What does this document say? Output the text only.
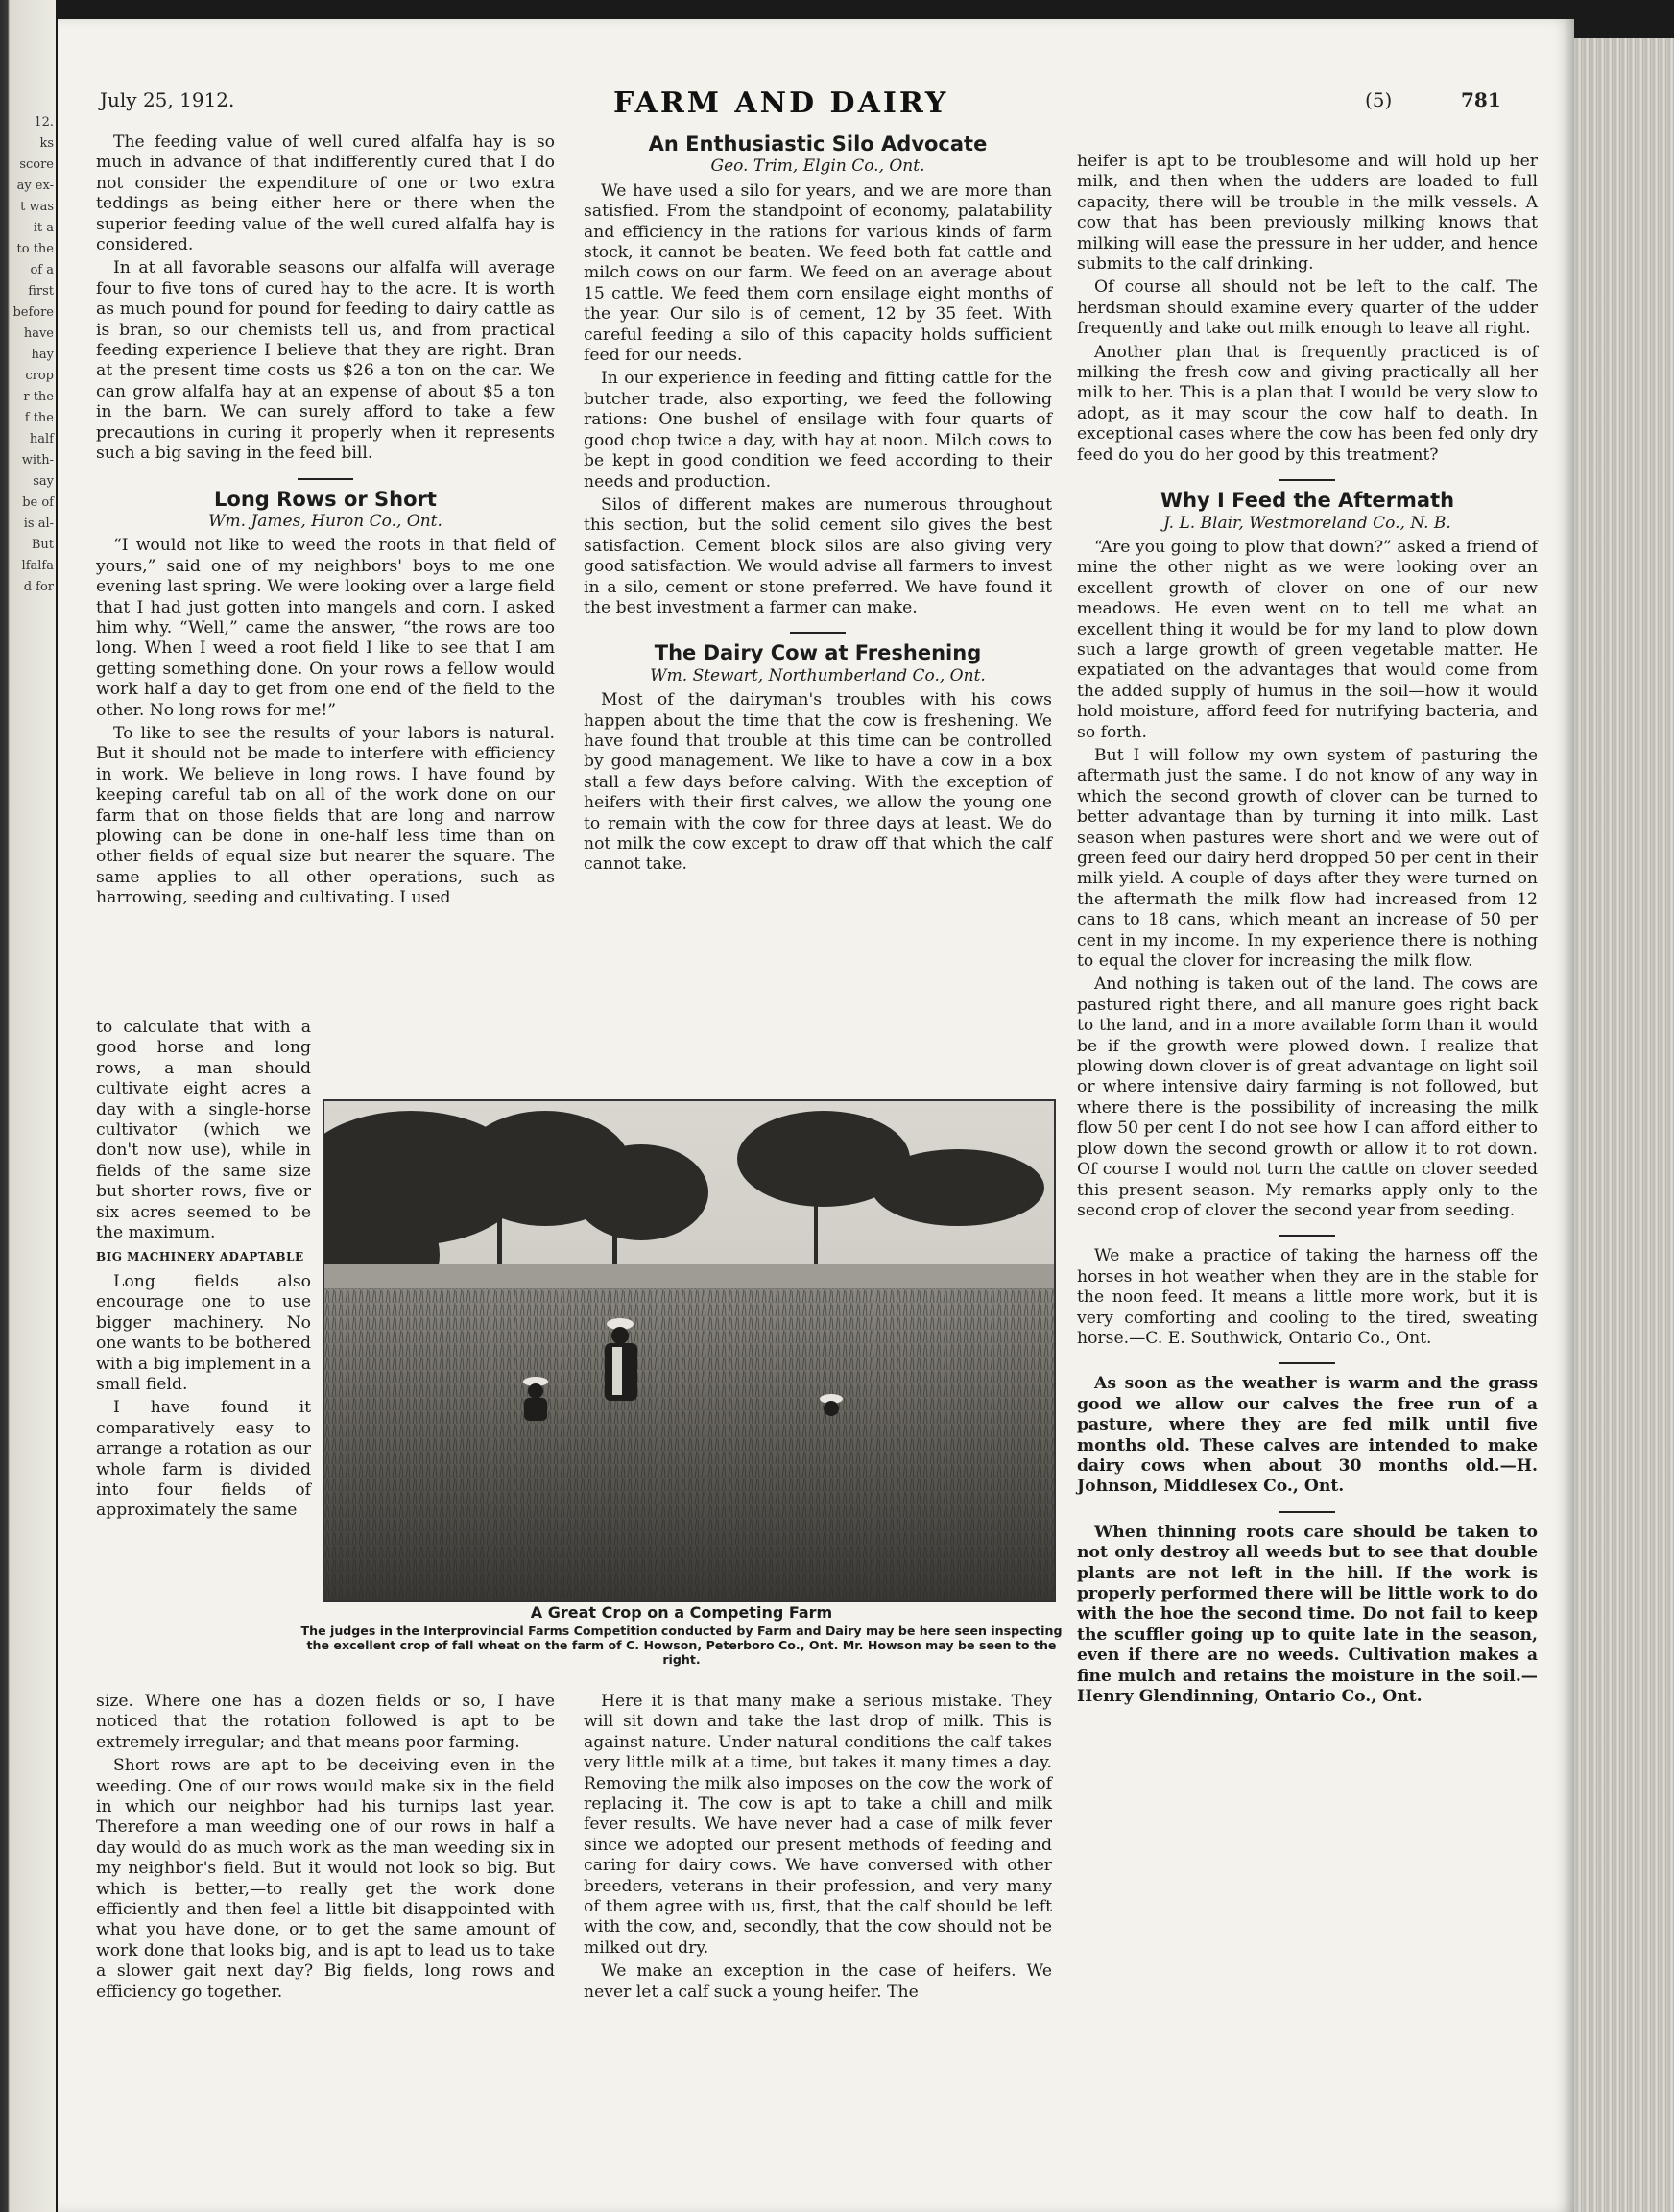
12.
ks
score
ay ex-
t was
it a
to the
of a
first
before
have
hay
crop
r the
f the
half
with-
say
be of
is al-
But
lfalfa
d for
July 25, 1912.	FARM AND DAIRY	(5)	781

The feeding value of well cured alfalfa hay is so much in advance of that indifferently cured that I do not consider the expenditure of one or two extra teddings as being either here or there when the superior feeding value of the well cured alfalfa hay is considered.

In at all favorable seasons our alfalfa will average four to five tons of cured hay to the acre. It is worth as much pound for pound for feeding to dairy cattle as is bran, so our chemists tell us, and from practical feeding experience I believe that they are right. Bran at the present time costs us $26 a ton on the car. We can grow alfalfa hay at an expense of about $5 a ton in the barn. We can surely afford to take a few precautions in curing it properly when it represents such a big saving in the feed bill.

Long Rows or Short
Wm. James, Huron Co., Ont.

“I would not like to weed the roots in that field of yours,” said one of my neighbors' boys to me one evening last spring. We were looking over a large field that I had just gotten into mangels and corn. I asked him why. “Well,” came the answer, “the rows are too long. When I weed a root field I like to see that I am getting something done. On your rows a fellow would work half a day to get from one end of the field to the other. No long rows for me!”

To like to see the results of your labors is natural. But it should not be made to interfere with efficiency in work. We believe in long rows. I have found by keeping careful tab on all of the work done on our farm that on those fields that are long and narrow plowing can be done in one-half less time than on other fields of equal size but nearer the square. The same applies to all other operations, such as harrowing, seeding and cultivating. I used

to calculate that with a good horse and long rows, a man should cultivate eight acres a day with a single-horse cultivator (which we don't now use), while in fields of the same size but shorter rows, five or six acres seemed to be the maximum.

BIG MACHINERY ADAPTABLE

Long fields also encourage one to use bigger machinery. No one wants to be bothered with a big implement in a small field.

I have found it comparatively easy to arrange a rotation as our whole farm is divided into four fields of approximately the same

size. Where one has a dozen fields or so, I have noticed that the rotation followed is apt to be extremely irregular; and that means poor farming.

Short rows are apt to be deceiving even in the weeding. One of our rows would make six in the field in which our neighbor had his turnips last year. Therefore a man weeding one of our rows in half a day would do as much work as the man weeding six in my neighbor's field. But it would not look so big. But which is better,—to really get the work done efficiently and then feel a little bit disappointed with what you have done, or to get the same amount of work done that looks big, and is apt to lead us to take a slower gait next day? Big fields, long rows and efficiency go together.

An Enthusiastic Silo Advocate
Geo. Trim, Elgin Co., Ont.

We have used a silo for years, and we are more than satisfied. From the standpoint of economy, palatability and efficiency in the rations for various kinds of farm stock, it cannot be beaten. We feed both fat cattle and milch cows on our farm. We feed on an average about 15 cattle. We feed them corn ensilage eight months of the year. Our silo is of cement, 12 by 35 feet. With careful feeding a silo of this capacity holds sufficient feed for our needs.

In our experience in feeding and fitting cattle for the butcher trade, also exporting, we feed the following rations: One bushel of ensilage with four quarts of good chop twice a day, with hay at noon. Milch cows to be kept in good condition we feed according to their needs and production.

Silos of different makes are numerous throughout this section, but the solid cement silo gives the best satisfaction. Cement block silos are also giving very good satisfaction. We would advise all farmers to invest in a silo, cement or stone preferred. We have found it the best investment a farmer can make.

The Dairy Cow at Freshening
Wm. Stewart, Northumberland Co., Ont.

Most of the dairyman's troubles with his cows happen about the time that the cow is freshening. We have found that trouble at this time can be controlled by good management. We like to have a cow in a box stall a few days before calving. With the exception of heifers with their first calves, we allow the young one to remain with the cow for three days at least. We do not milk the cow except to draw off that which the calf cannot take.

A Great Crop on a Competing Farm
The judges in the Interprovincial Farms Competition conducted by Farm and Dairy may be here seen inspecting the excellent crop of fall wheat on the farm of C. Howson, Peterboro Co., Ont. Mr. Howson may be seen to the right.

Here it is that many make a serious mistake. They will sit down and take the last drop of milk. This is against nature. Under natural conditions the calf takes very little milk at a time, but takes it many times a day. Removing the milk also imposes on the cow the work of replacing it. The cow is apt to take a chill and milk fever results. We have never had a case of milk fever since we adopted our present methods of feeding and caring for dairy cows. We have conversed with other breeders, veterans in their profession, and very many of them agree with us, first, that the calf should be left with the cow, and, secondly, that the cow should not be milked out dry.

We make an exception in the case of heifers. We never let a calf suck a young heifer. The

heifer is apt to be troublesome and will hold up her milk, and then when the udders are loaded to full capacity, there will be trouble in the milk vessels. A cow that has been previously milking knows that milking will ease the pressure in her udder, and hence submits to the calf drinking.

Of course all should not be left to the calf. The herdsman should examine every quarter of the udder frequently and take out milk enough to leave all right.

Another plan that is frequently practiced is of milking the fresh cow and giving practically all her milk to her. This is a plan that I would be very slow to adopt, as it may scour the cow half to death. In exceptional cases where the cow has been fed only dry feed do you do her good by this treatment?

Why I Feed the Aftermath
J. L. Blair, Westmoreland Co., N. B.

“Are you going to plow that down?” asked a friend of mine the other night as we were looking over an excellent growth of clover on one of our new meadows. He even went on to tell me what an excellent thing it would be for my land to plow down such a large growth of green vegetable matter. He expatiated on the advantages that would come from the added supply of humus in the soil—how it would hold moisture, afford feed for nutrifying bacteria, and so forth.

But I will follow my own system of pasturing the aftermath just the same. I do not know of any way in which the second growth of clover can be turned to better advantage than by turning it into milk. Last season when pastures were short and we were out of green feed our dairy herd dropped 50 per cent in their milk yield. A couple of days after they were turned on the aftermath the milk flow had increased from 12 cans to 18 cans, which meant an increase of 50 per cent in my income. In my experience there is nothing to equal the clover for increasing the milk flow.

And nothing is taken out of the land. The cows are pastured right there, and all manure goes right back to the land, and in a more available form than it would be if the growth were plowed down. I realize that plowing down clover is of great advantage on light soil or where intensive dairy farming is not followed, but where there is the possibility of increasing the milk flow 50 per cent I do not see how I can afford either to plow down the second growth or allow it to rot down. Of course I would not turn the cattle on clover seeded this present season. My remarks apply only to the second crop of clover the second year from seeding.

We make a practice of taking the harness off the horses in hot weather when they are in the stable for the noon feed. It means a little more work, but it is very comforting and cooling to the tired, sweating horse.—C. E. Southwick, Ontario Co., Ont.

As soon as the weather is warm and the grass good we allow our calves the free run of a pasture, where they are fed milk until five months old. These calves are intended to make dairy cows when about 30 months old.—H. Johnson, Middlesex Co., Ont.

When thinning roots care should be taken to not only destroy all weeds but to see that double plants are not left in the hill. If the work is properly performed there will be little work to do with the hoe the second time. Do not fail to keep the scuffler going up to quite late in the season, even if there are no weeds. Cultivation makes a fine mulch and retains the moisture in the soil.—Henry Glendinning, Ontario Co., Ont.
